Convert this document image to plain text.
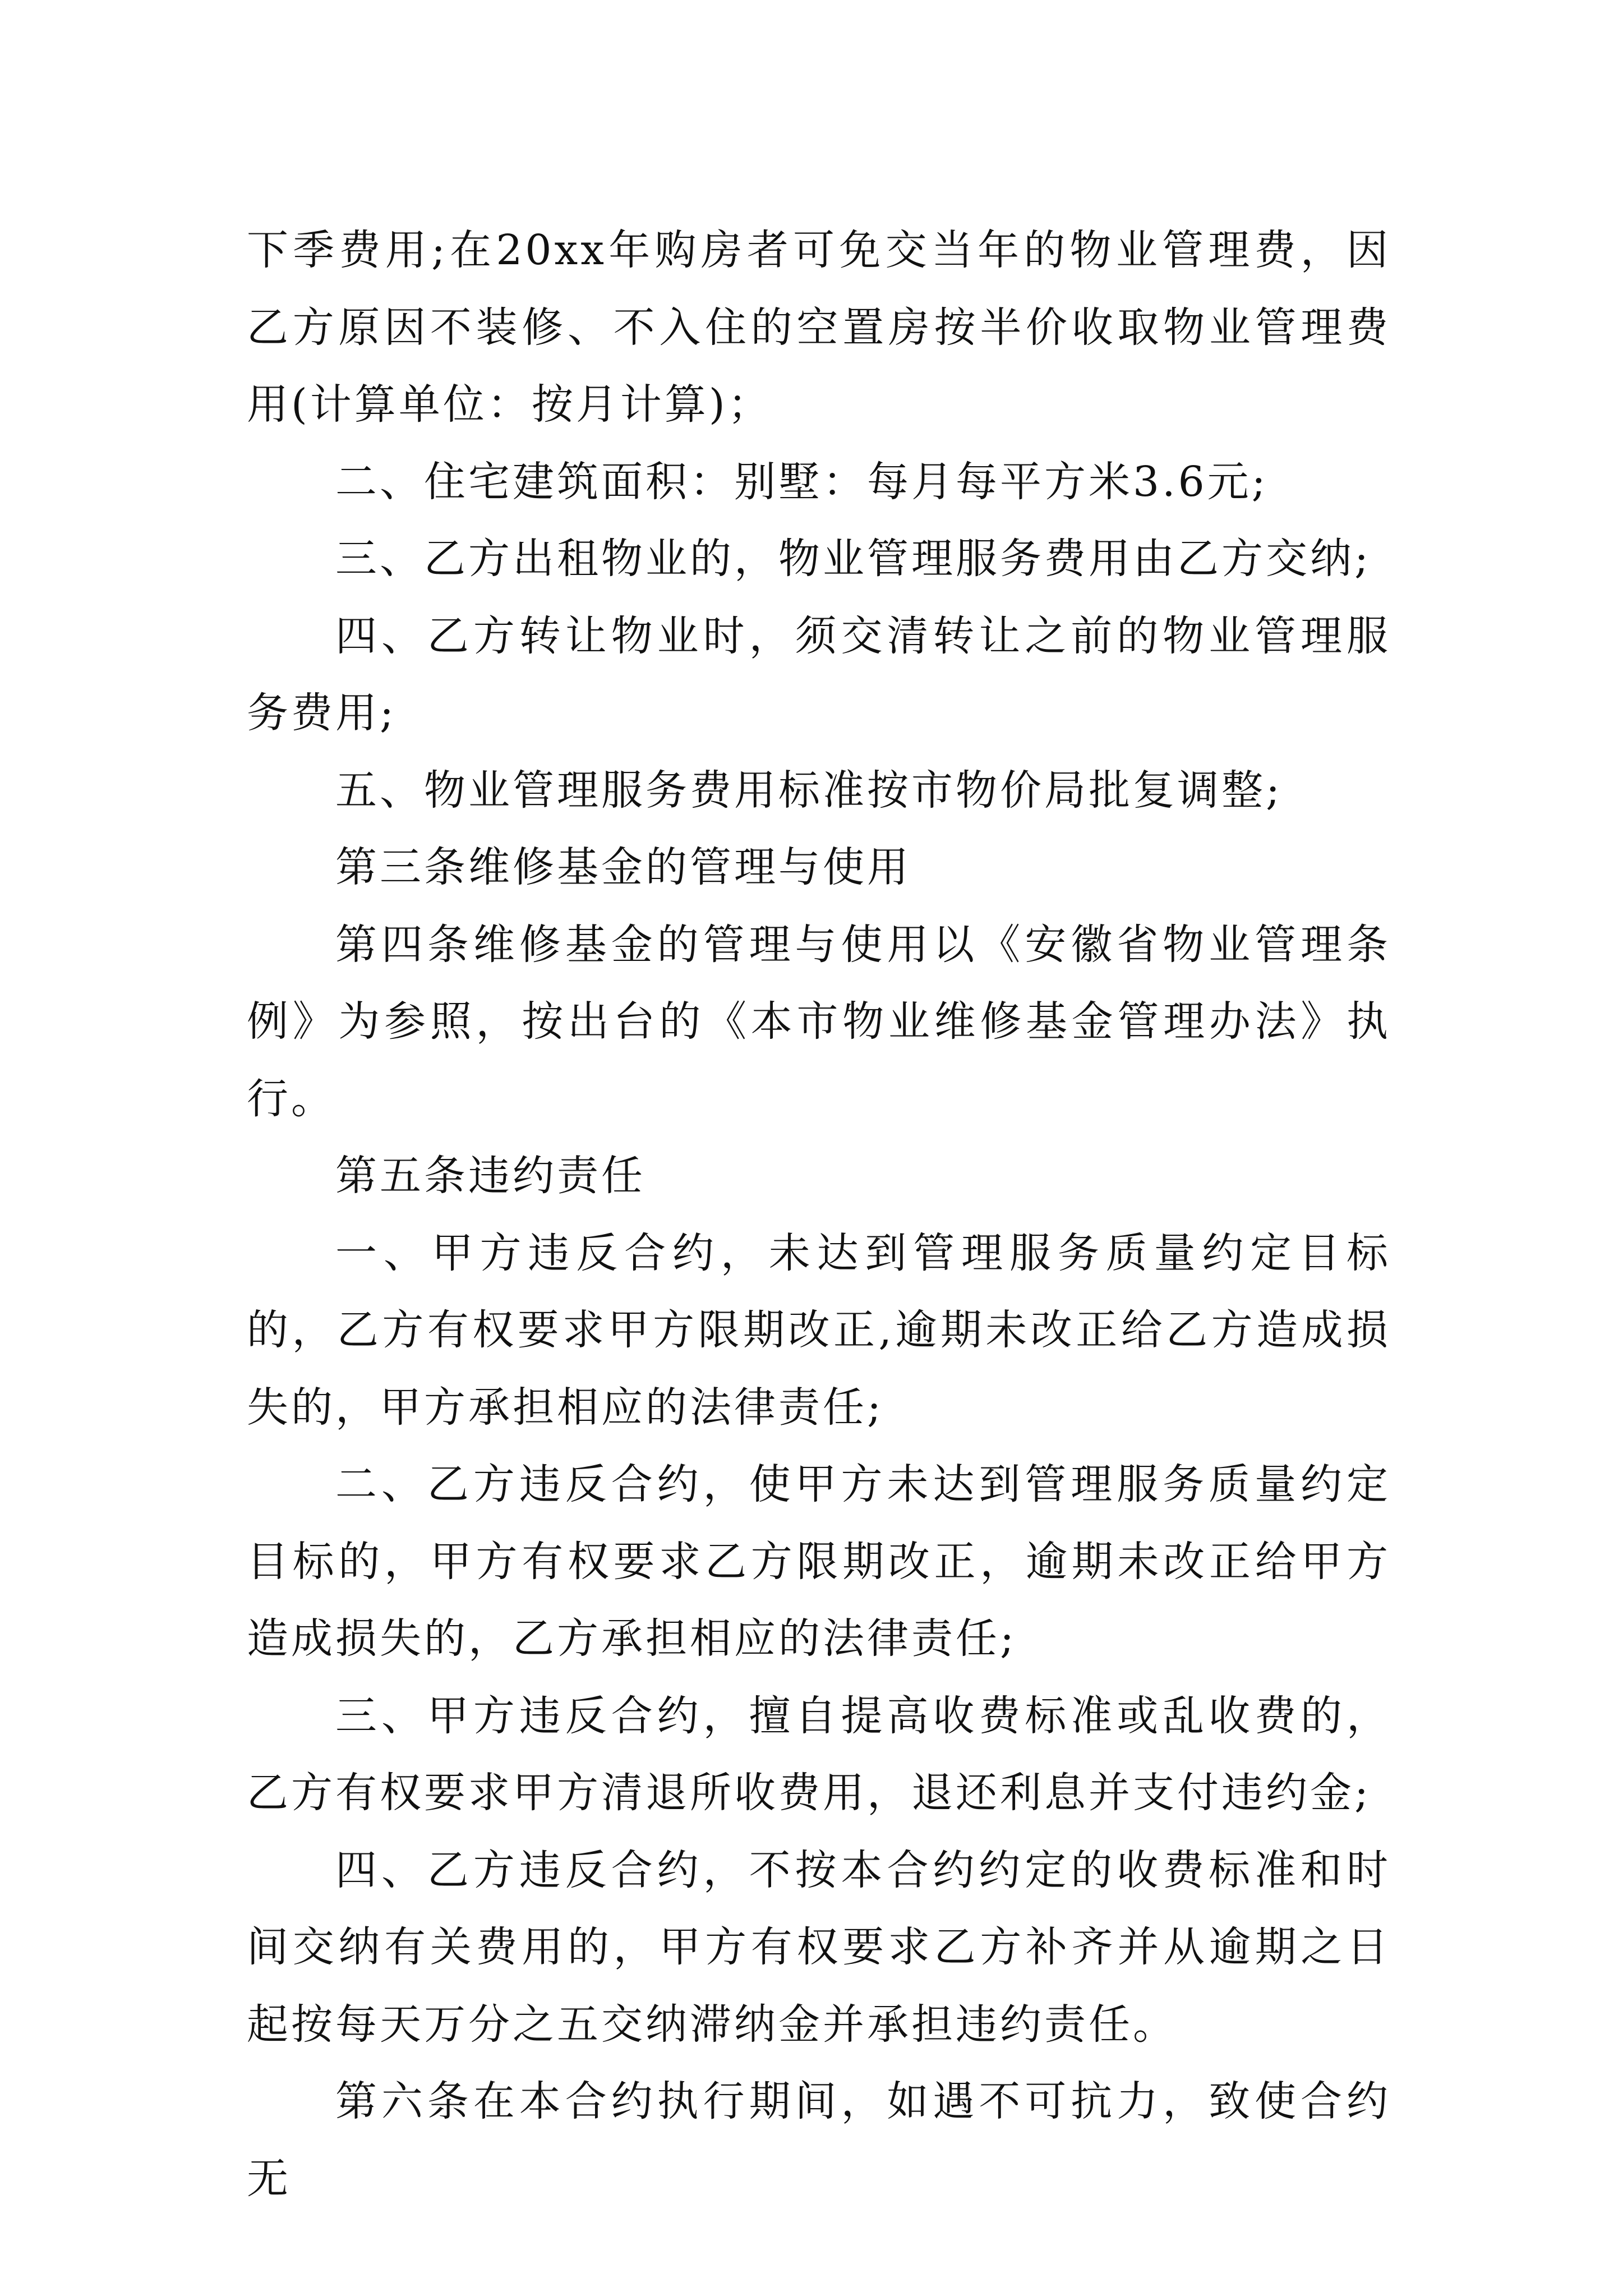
下季费用;在20xx年购房者可免交当年的物业管理费，因乙方原因不装修、不入住的空置房按半价收取物业管理费用(计算单位：按月计算)；

二、住宅建筑面积：别墅：每月每平方米3.6元;

三、乙方出租物业的，物业管理服务费用由乙方交纳;

四、乙方转让物业时，须交清转让之前的物业管理服务费用;

五、物业管理服务费用标准按市物价局批复调整;

第三条维修基金的管理与使用

第四条维修基金的管理与使用以《安徽省物业管理条例》为参照，按出台的《本市物业维修基金管理办法》执行。

第五条违约责任

一、甲方违反合约，未达到管理服务质量约定目标的，乙方有权要求甲方限期改正,逾期未改正给乙方造成损失的，甲方承担相应的法律责任;

二、乙方违反合约，使甲方未达到管理服务质量约定目标的，甲方有权要求乙方限期改正，逾期未改正给甲方造成损失的，乙方承担相应的法律责任;

三、甲方违反合约，擅自提高收费标准或乱收费的，乙方有权要求甲方清退所收费用，退还利息并支付违约金;

四、乙方违反合约，不按本合约约定的收费标准和时间交纳有关费用的，甲方有权要求乙方补齐并从逾期之日起按每天万分之五交纳滞纳金并承担违约责任。

第六条在本合约执行期间，如遇不可抗力，致使合约无
